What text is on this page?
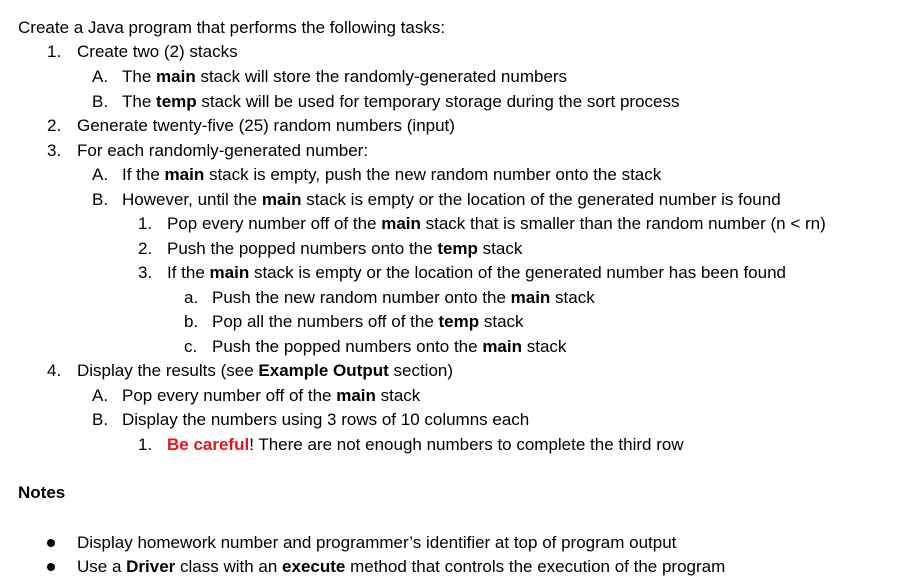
Create a Java program that performs the following tasks:
1. Create two (2) stacks
A. The main stack will store the randomly-generated numbers
B. The temp stack will be used for temporary storage during the sort process
2. Generate twenty-five (25) random numbers (input)
3. For each randomly-generated number:
A. If the main stack is empty, push the new random number onto the stack
B. However, until the main stack is empty or the location of the generated number is found
1. Pop every number off of the main stack that is smaller than the random number (n < rn)
2. Push the popped numbers onto the temp stack
3. If the main stack is empty or the location of the generated number has been found
a. Push the new random number onto the main stack
b. Pop all the numbers off of the temp stack
c. Push the popped numbers onto the main stack
4. Display the results (see Example Output section)
A. Pop every number off of the main stack
B. Display the numbers using 3 rows of 10 columns each
1. Be careful! There are not enough numbers to complete the third row
Notes
Display homework number and programmer’s identifier at top of program output
Use a Driver class with an execute method that controls the execution of the program
